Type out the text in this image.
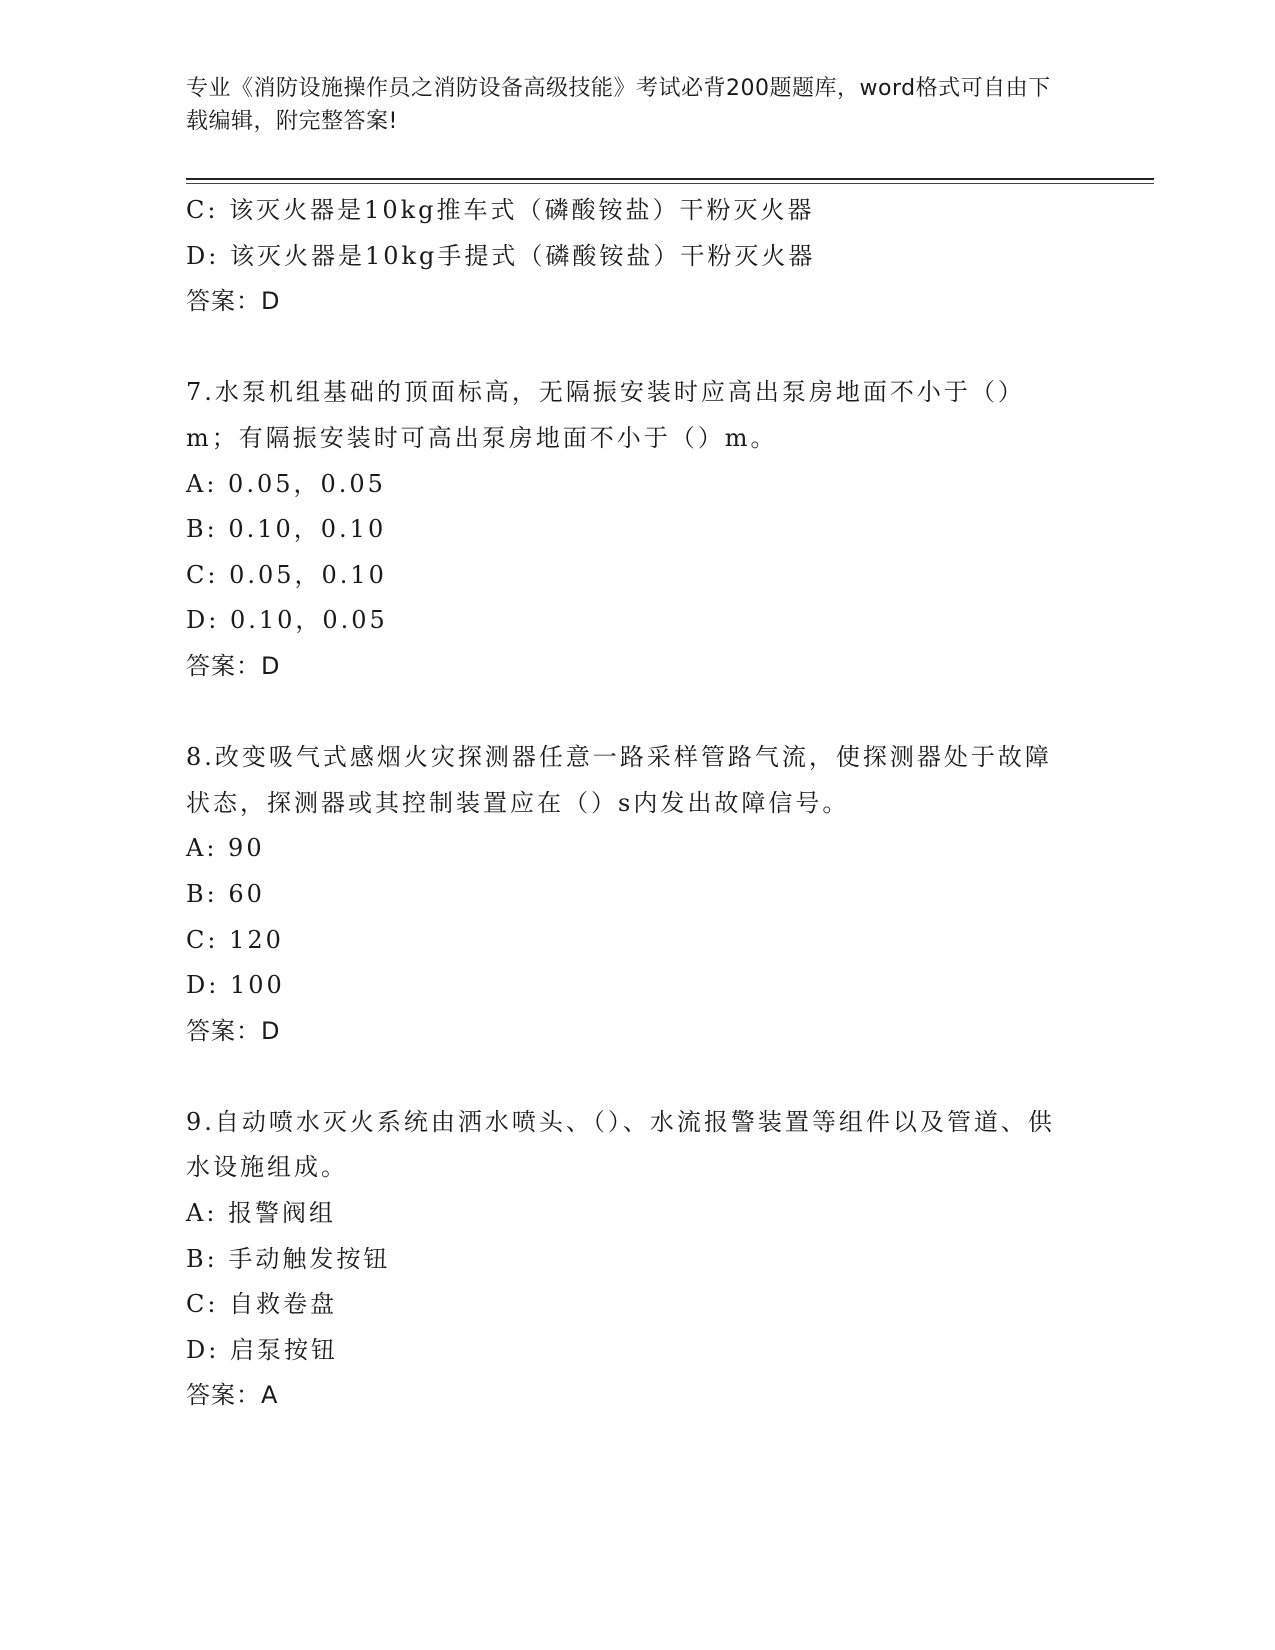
专业《消防设施操作员之消防设备高级技能》考试必背200题题库，word格式可自由下载编辑，附完整答案!
C: 该灭火器是10kg推车式（磷酸铵盐）干粉灭火器
D: 该灭火器是10kg手提式（磷酸铵盐）干粉灭火器
答案：D
7.水泵机组基础的顶面标高，无隔振安装时应高出泵房地面不小于（）m；有隔振安装时可高出泵房地面不小于（）m。
A: 0.05，0.05
B: 0.10，0.10
C: 0.05，0.10
D: 0.10，0.05
答案：D
8.改变吸气式感烟火灾探测器任意一路采样管路气流，使探测器处于故障状态，探测器或其控制装置应在（）s内发出故障信号。
A: 90
B: 60
C: 120
D: 100
答案：D
9.自动喷水灭火系统由洒水喷头、（）、水流报警装置等组件以及管道、供水设施组成。
A: 报警阀组
B: 手动触发按钮
C: 自救卷盘
D: 启泵按钮
答案：A
